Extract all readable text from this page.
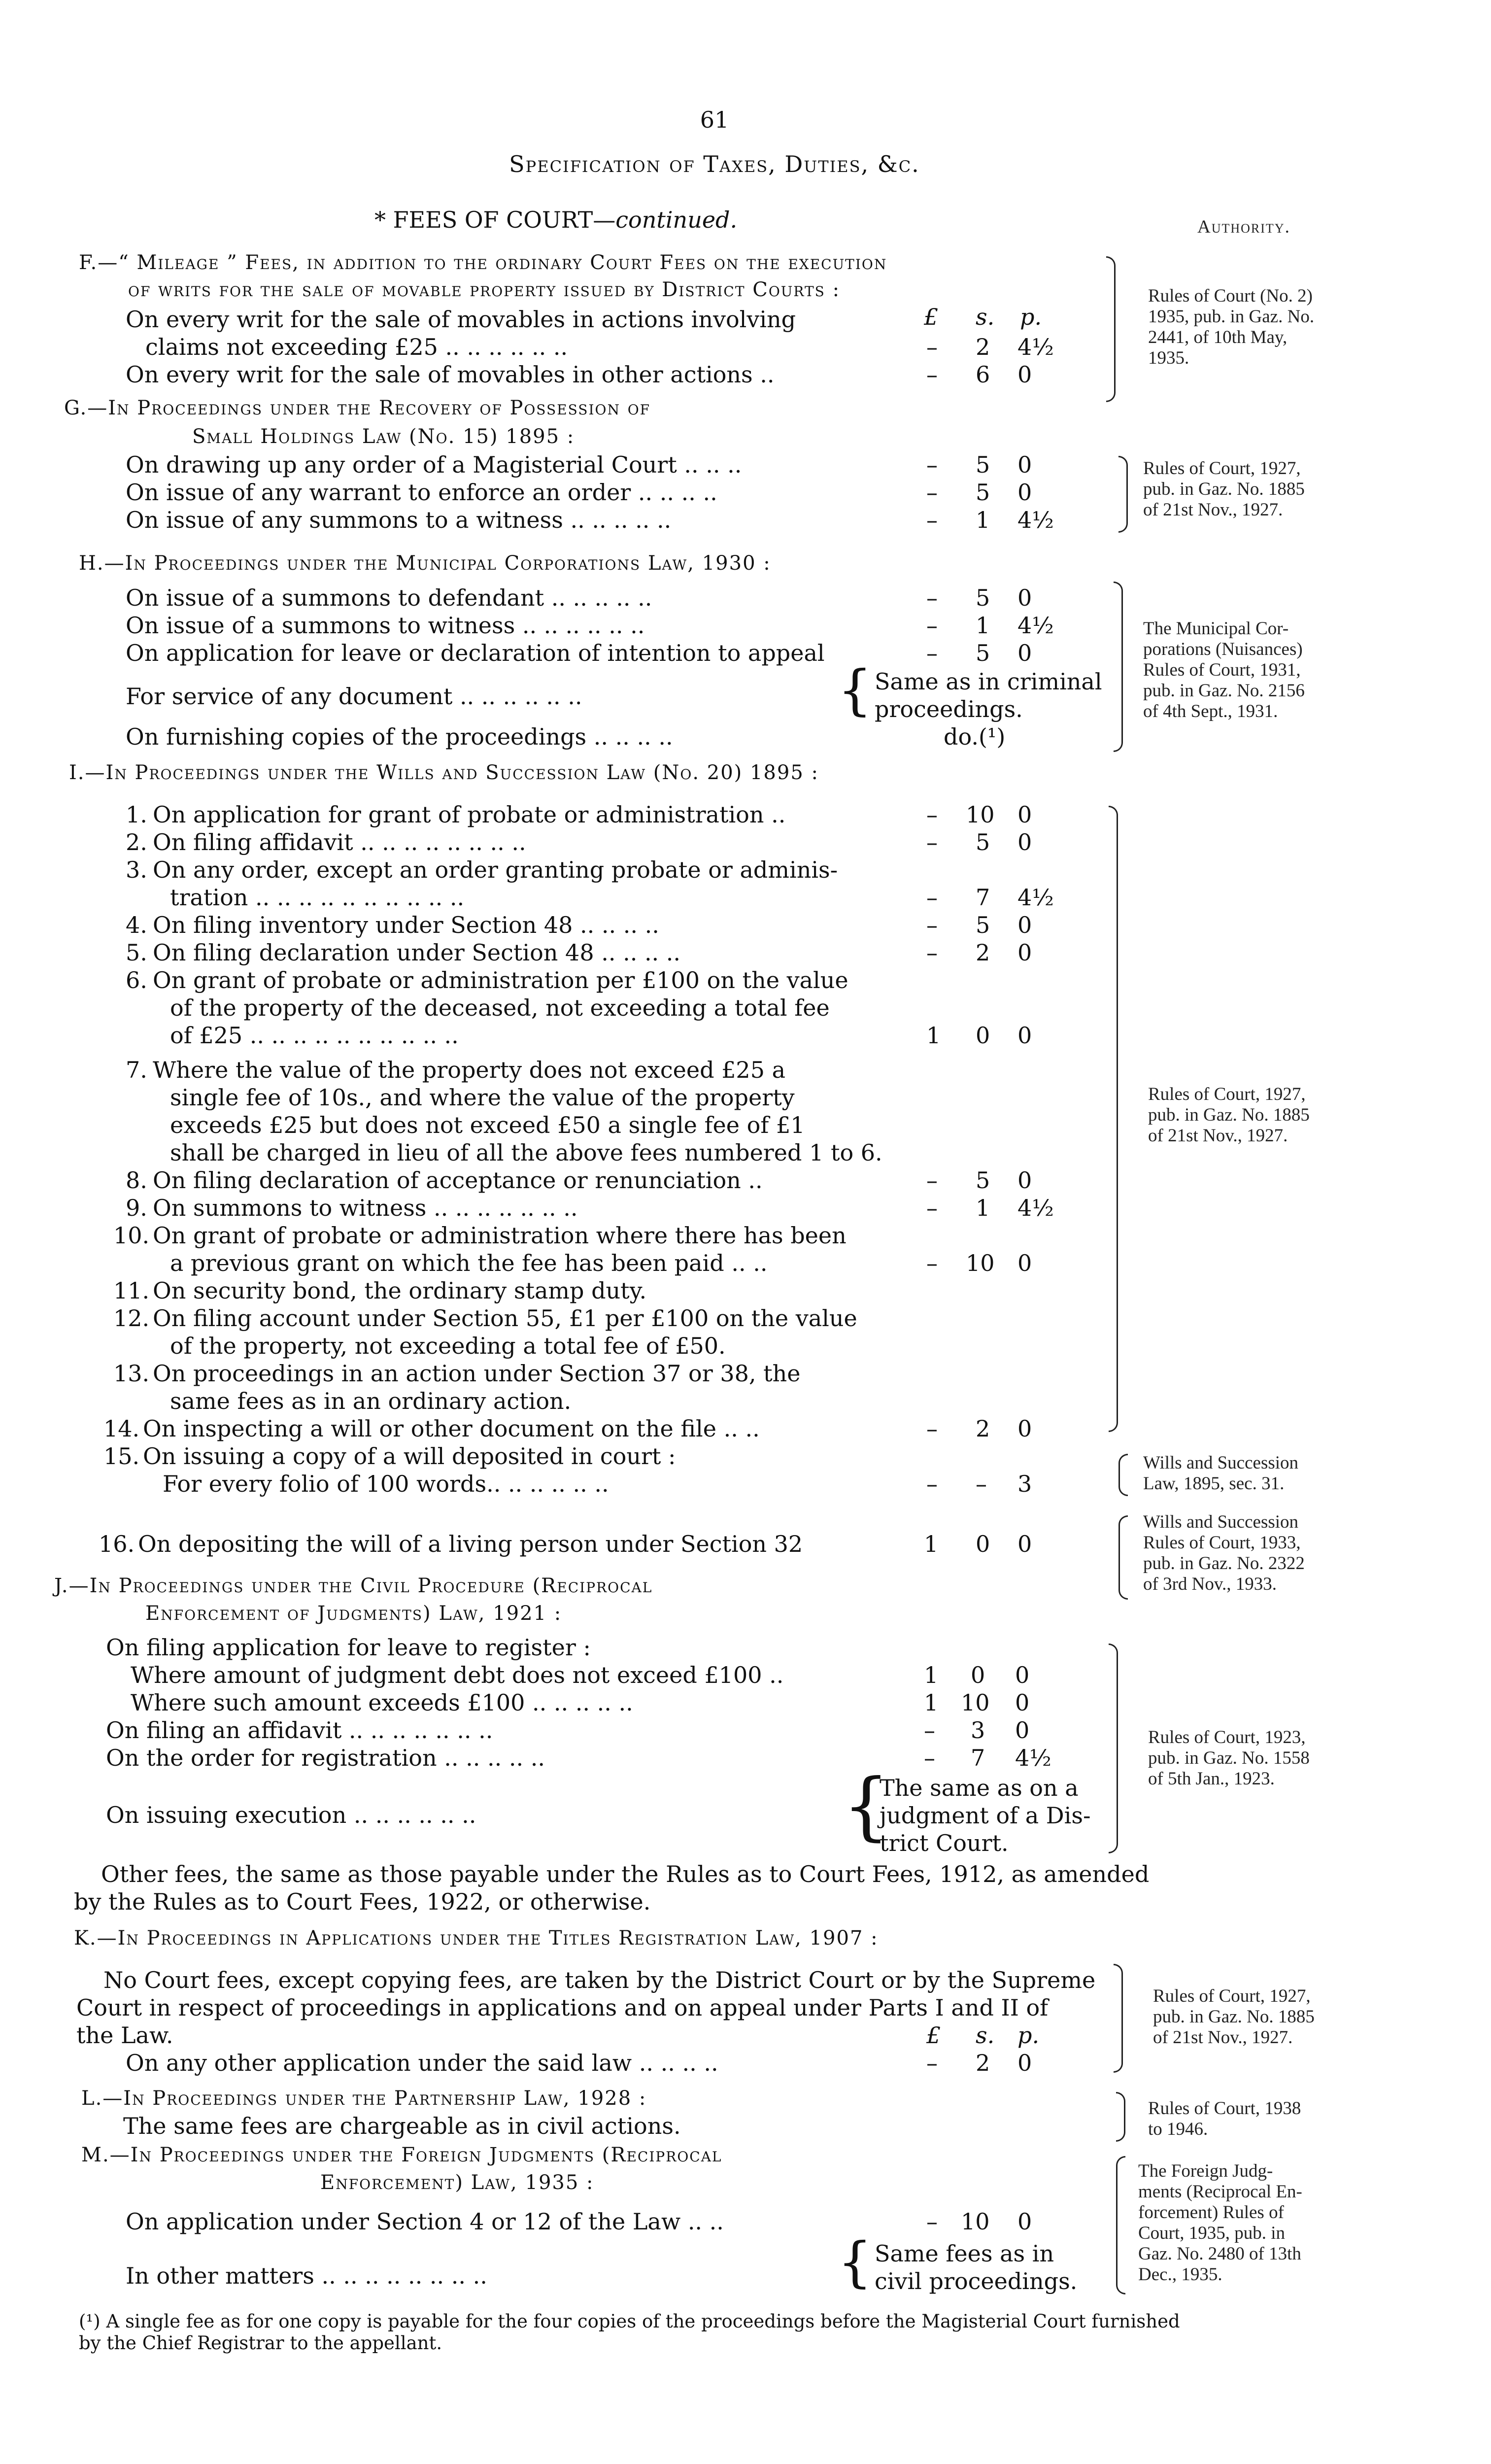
61
Specification of Taxes, Duties, &c.
* FEES OF COURT—continued.	Authority.
F.—“ Mileage ” Fees, in addition to the ordinary Court Fees on the execution
of writs for the sale of movable property issued by District Courts :
£ s. p.
On every writ for the sale of movables in actions involving
claims not exceeding £25 .. .. .. .. .. ..	– 2 4½
On every writ for the sale of movables in other actions ..	– 6 0
Rules of Court (No. 2)
1935, pub. in Gaz. No.
2441, of 10th May,
1935.
G.—In Proceedings under the Recovery of Possession of
Small Holdings Law (No. 15) 1895 :
On drawing up any order of a Magisterial Court .. .. ..	– 5 0
On issue of any warrant to enforce an order .. .. .. ..	– 5 0
On issue of any summons to a witness .. .. .. .. ..	– 1 4½
Rules of Court, 1927,
pub. in Gaz. No. 1885
of 21st Nov., 1927.
H.—In Proceedings under the Municipal Corporations Law, 1930 :
On issue of a summons to defendant .. .. .. .. ..	– 5 0
On issue of a summons to witness .. .. .. .. .. ..	– 1 4½
On application for leave or declaration of intention to appeal	– 5 0
For service of any document .. .. .. .. .. ..	{ Same as in criminal
proceedings.
On furnishing copies of the proceedings .. .. .. ..	do.(¹)
The Municipal Cor-
porations (Nuisances)
Rules of Court, 1931,
pub. in Gaz. No. 2156
of 4th Sept., 1931.
I.—In Proceedings under the Wills and Succession Law (No. 20) 1895 :
1. On application for grant of probate or administration ..	– 10 0
2. On filing affidavit .. .. .. .. .. .. .. ..	– 5 0
3. On any order, except an order granting probate or adminis-
tration .. .. .. .. .. .. .. .. .. ..	– 7 4½
4. On filing inventory under Section 48 .. .. .. ..	– 5 0
5. On filing declaration under Section 48 .. .. .. ..	– 2 0
6. On grant of probate or administration per £100 on the value
of the property of the deceased, not exceeding a total fee
of £25 .. .. .. .. .. .. .. .. .. ..	1 0 0
7. Where the value of the property does not exceed £25 a
single fee of 10s., and where the value of the property
exceeds £25 but does not exceed £50 a single fee of £1
shall be charged in lieu of all the above fees numbered 1 to 6.
8. On filing declaration of acceptance or renunciation ..	– 5 0
9. On summons to witness .. .. .. .. .. .. ..	– 1 4½
10. On grant of probate or administration where there has been
a previous grant on which the fee has been paid .. ..	– 10 0
11. On security bond, the ordinary stamp duty.
12. On filing account under Section 55, £1 per £100 on the value
of the property, not exceeding a total fee of £50.
13. On proceedings in an action under Section 37 or 38, the
same fees as in an ordinary action.
14. On inspecting a will or other document on the file .. ..	– 2 0
15. On issuing a copy of a will deposited in court :
For every folio of 100 words.. .. .. .. .. ..	– – 3
16. On depositing the will of a living person under Section 32	1 0 0
Rules of Court, 1927,
pub. in Gaz. No. 1885
of 21st Nov., 1927.
Wills and Succession
Law, 1895, sec. 31.
Wills and Succession
Rules of Court, 1933,
pub. in Gaz. No. 2322
of 3rd Nov., 1933.
J.—In Proceedings under the Civil Procedure (Reciprocal
Enforcement of Judgments) Law, 1921 :
On filing application for leave to register :
Where amount of judgment debt does not exceed £100 ..	1 0 0
Where such amount exceeds £100 .. .. .. .. ..	1 10 0
On filing an affidavit .. .. .. .. .. .. ..	– 3 0
On the order for registration .. .. .. .. ..	– 7 4½
On issuing execution .. .. .. .. .. ..	{
The same as on a
judgment of a Dis-
trict Court.
Other fees, the same as those payable under the Rules as to Court Fees, 1912, as amended
by the Rules as to Court Fees, 1922, or otherwise.
Rules of Court, 1923,
pub. in Gaz. No. 1558
of 5th Jan., 1923.
K.—In Proceedings in Applications under the Titles Registration Law, 1907 :
No Court fees, except copying fees, are taken by the District Court or by the Supreme
Court in respect of proceedings in applications and on appeal under Parts I and II of
the Law.	£ s. p.
On any other application under the said law .. .. .. ..	– 2 0
Rules of Court, 1927,
pub. in Gaz. No. 1885
of 21st Nov., 1927.
L.—In Proceedings under the Partnership Law, 1928 :
The same fees are chargeable as in civil actions.
Rules of Court, 1938
to 1946.
M.—In Proceedings under the Foreign Judgments (Reciprocal
Enforcement) Law, 1935 :
On application under Section 4 or 12 of the Law .. ..	– 10 0
In other matters .. .. .. .. .. .. .. ..	{ Same fees as in
civil proceedings.
The Foreign Judg-
ments (Reciprocal En-
forcement) Rules of
Court, 1935, pub. in
Gaz. No. 2480 of 13th
Dec., 1935.
(¹) A single fee as for one copy is payable for the four copies of the proceedings before the Magisterial Court furnished
by the Chief Registrar to the appellant.
